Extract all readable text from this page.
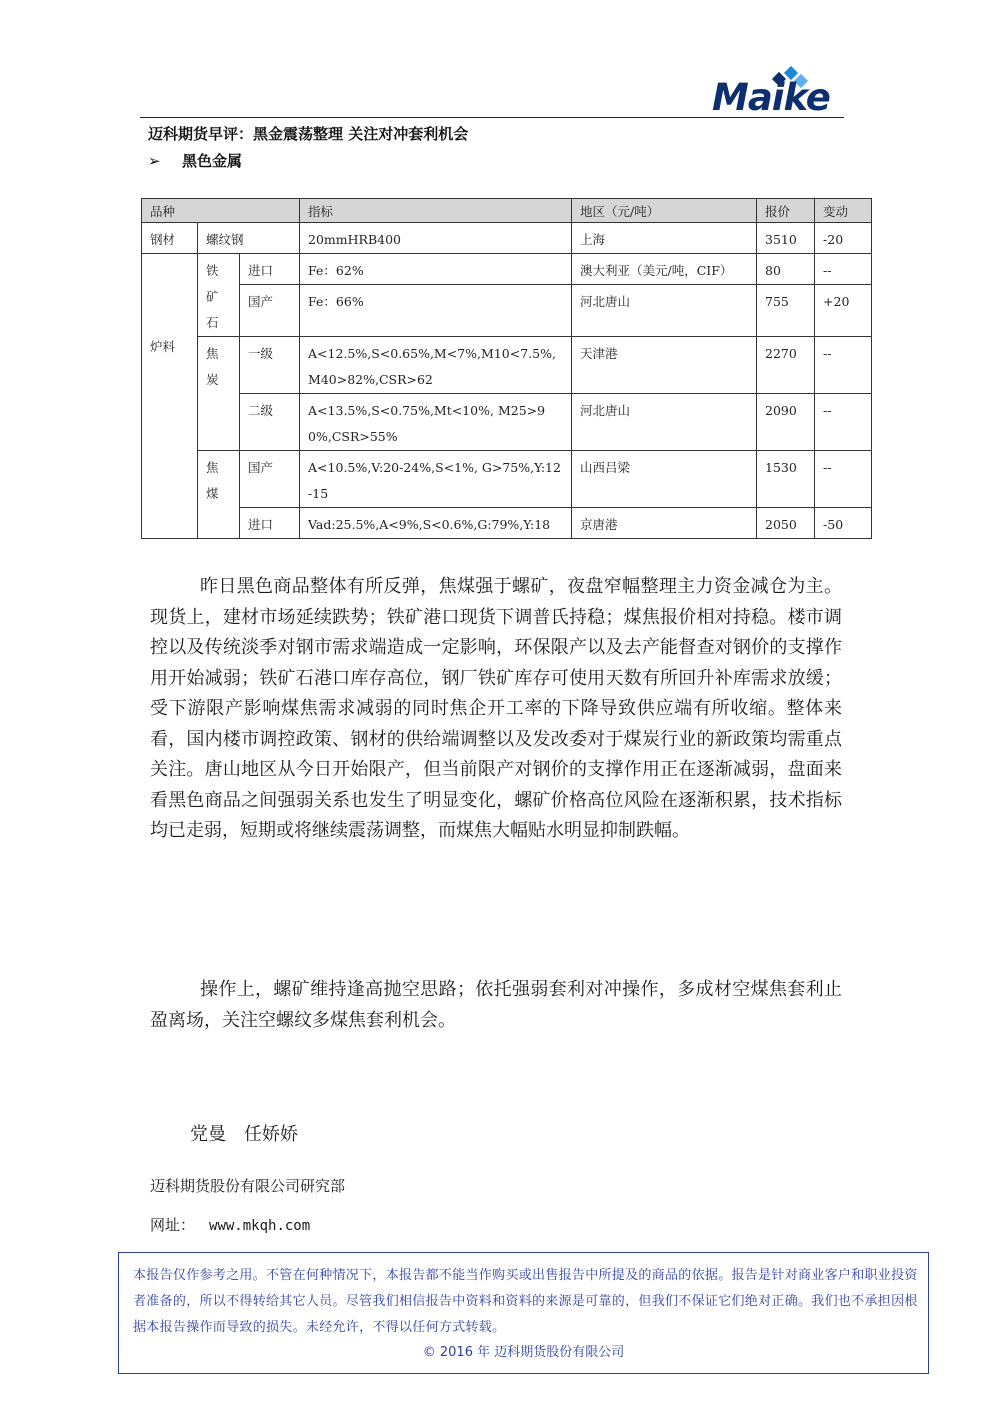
Maike
迈科期货早评：黑金震荡整理 关注对冲套利机会
➢ 黑色金属
品种			指标	地区（元/吨）	报价	变动
钢材	螺纹钢		20mmHRB400	上海	3510	-20
炉料	铁矿石	进口	Fe：62%	澳大利亚（美元/吨，CIF）	80	--
		国产	Fe：66%	河北唐山	755	+20

	焦炭	一级	A<12.5%,S<0.65%,M<7%,M10<7.5%,M40>82%,CSR>62	天津港	2270	--
		二级	A<13.5%,S<0.75%,Mt<10%, M25>90%,CSR>55%	河北唐山	2090	--

	焦煤	国产	A<10.5%,V:20-24%,S<1%, G>75%,Y:12-15	山西吕梁	1530	--
		进口	Vad:25.5%,A<9%,S<0.6%,G:79%,Y:18	京唐港	2050	-50

昨日黑色商品整体有所反弹，焦煤强于螺矿，夜盘窄幅整理主力资金减仓为主。现货上，建材市场延续跌势；铁矿港口现货下调普氏持稳；煤焦报价相对持稳。楼市调控以及传统淡季对钢市需求端造成一定影响，环保限产以及去产能督查对钢价的支撑作用开始减弱；铁矿石港口库存高位，钢厂铁矿库存可使用天数有所回升补库需求放缓；受下游限产影响煤焦需求减弱的同时焦企开工率的下降导致供应端有所收缩。整体来看，国内楼市调控政策、钢材的供给端调整以及发改委对于煤炭行业的新政策均需重点关注。唐山地区从今日开始限产，但当前限产对钢价的支撑作用正在逐渐减弱，盘面来看黑色商品之间强弱关系也发生了明显变化，螺矿价格高位风险在逐渐积累，技术指标均已走弱，短期或将继续震荡调整，而煤焦大幅贴水明显抑制跌幅。

操作上，螺矿维持逢高抛空思路；依托强弱套利对冲操作，多成材空煤焦套利止盈离场，关注空螺纹多煤焦套利机会。

党曼　任娇娇
迈科期货股份有限公司研究部
网址： www.mkqh.com
本报告仅作参考之用。不管在何种情况下，本报告都不能当作购买或出售报告中所提及的商品的依据。报告是针对商业客户和职业投资者准备的，所以不得转给其它人员。尽管我们相信报告中资料和资料的来源是可靠的，但我们不保证它们绝对正确。我们也不承担因根据本报告操作而导致的损失。未经允许，不得以任何方式转载。
© 2016 年 迈科期货股份有限公司
